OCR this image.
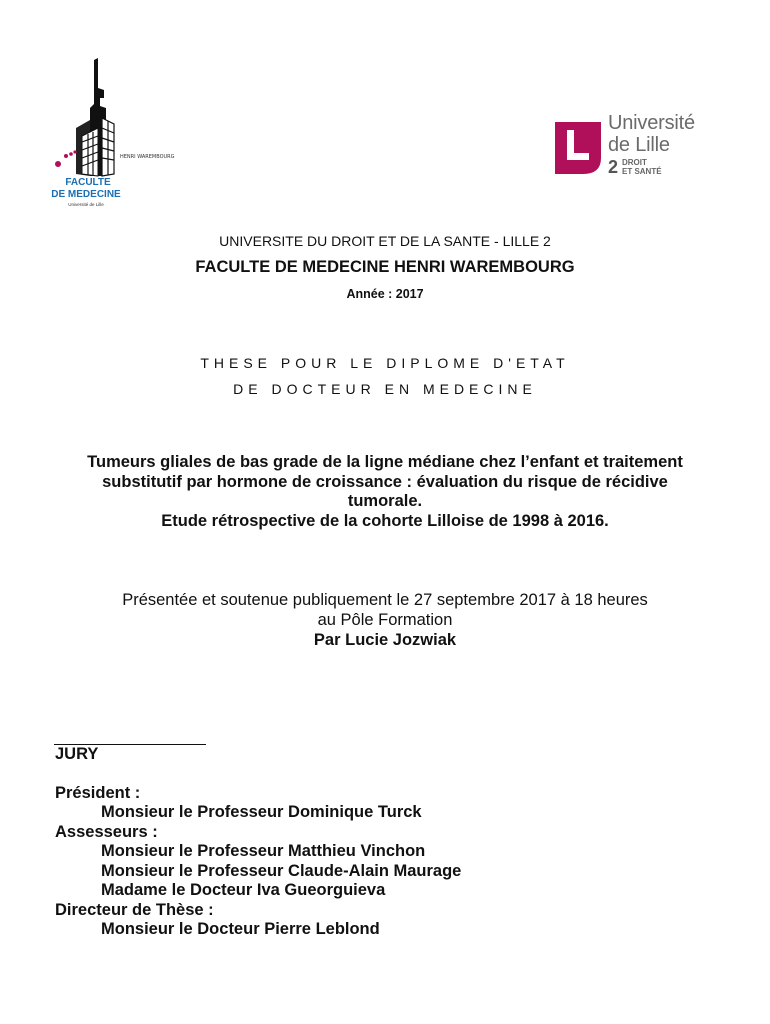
HENRI WAREMBOURG
FACULTE
DE MEDECINE
Université de Lille
Université
de Lille
2 DROIT
ET SANTÉ
UNIVERSITE DU DROIT ET DE LA SANTE - LILLE 2
FACULTE DE MEDECINE HENRI WAREMBOURG
Année : 2017
THESE POUR LE DIPLOME D'ETAT
DE DOCTEUR EN MEDECINE
Tumeurs gliales de bas grade de la ligne médiane chez l’enfant et traitement
substitutif par hormone de croissance : évaluation du risque de récidive
tumorale.
Etude rétrospective de la cohorte Lilloise de 1998 à 2016.
Présentée et soutenue publiquement le 27 septembre 2017 à 18 heures
au Pôle Formation
Par Lucie Jozwiak
JURY
Président :
Monsieur le Professeur Dominique Turck
Assesseurs :
Monsieur le Professeur Matthieu Vinchon
Monsieur le Professeur Claude-Alain Maurage
Madame le Docteur Iva Gueorguieva
Directeur de Thèse :
Monsieur le Docteur Pierre Leblond
